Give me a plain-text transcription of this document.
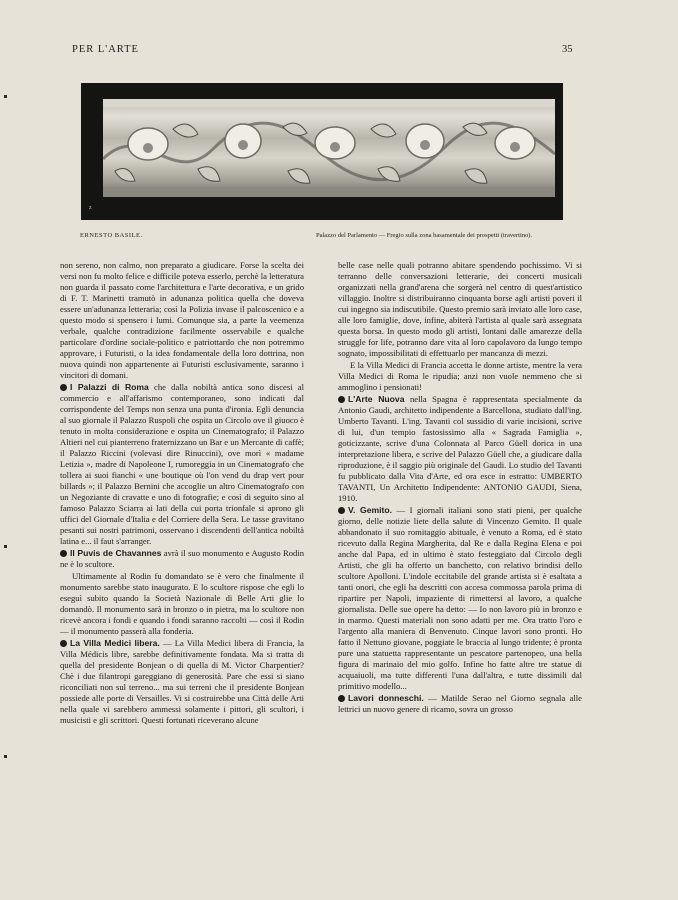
PER L'ARTE	35
z
ERNESTO BASILE.	Palazzo del Parlamento — Fregio sulla zona basamentale dei prospetti (travertino).

non sereno, non calmo, non preparato a giudicare. Forse la scelta dei versi non fu molto felice e difficile poteva esserlo, perchè la letteratura non guarda il passato come l'architettura e l'arte decorativa, e un grido di F. T. Marinetti tramutò in adunanza politica quella che doveva essere un'adunanza letteraria; così la Polizia invase il palcoscenico e a questo modo si spensero i lumi. Comunque sia, a parte la veemenza verbale, qualche contradizione facilmente osservabile e qualche particolare d'ordine sociale-politico e patriottardo che non potremmo approvare, i Futuristi, o la idea fondamentale della loro dottrina, non nuova quindi non appartenente ai Futuristi esclusivamente, saranno i vincitori di domani.

I Palazzi di Roma che dalla nobiltà antica sono discesi al commercio e all'affarismo contemporaneo, sono indicati dal corrispondente del Temps non senza una punta d'ironia. Egli denuncia al suo giornale il Palazzo Ruspoli che ospita un Circolo ove il giuoco è tenuto in molta considerazione e ospita un Cinematografo; il Palazzo Altieri nel cui pianterreno fraternizzano un Bar e un Mercante di caffè; il Palazzo Riccini (volevasi dire Rinuccini), ove morì « madame Letizia », madre di Napoleone I, rumoreggia in un Cinematografo che tollera ai suoi fianchi « une boutique où l'on vend du drap vert pour billards »; il Palazzo Bernini che accoglie un altro Cinematografo con un Negoziante di cravatte e uno di fotografie; e così di seguito sino al famoso Palazzo Sciarra ai lati della cui porta trionfale si aprono gli uffici del Giornale d'Italia e del Corriere della Sera. Le tasse gravitano pesanti sui nostri patrimoni, osservano i discendenti dell'antica nobiltà latina e... il faut s'arranger.

Il Puvis de Chavannes avrà il suo monumento e Augusto Rodin ne è lo scultore.

Ultimamente al Rodin fu domandato se è vero che finalmente il monumento sarebbe stato inaugurato. E lo scultore rispose che egli lo eseguì subito quando la Società Nazionale di Belle Arti glie lo domandò. Il monumento sarà in bronzo o in pietra, ma lo scultore non ricevè ancora i fondi e quando i fondi saranno raccolti — così il Rodin — il monumento passerà alla fonderia.

La Villa Medici libera. — La Villa Medici libera di Francia, la Villa Médicis libre, sarebbe definitivamente fondata. Ma si tratta di quella del presidente Bonjean o di quella di M. Victor Charpentier? Chè i due filantropi gareggiano di generosità. Pare che essi si siano riconciliati non sul terreno... ma sui terreni che il presidente Bonjean possiede alle porte di Versailles. Vi si costruirebbe una Città delle Arti nella quale vi sarebbero ammessi solamente i pittori, gli scultori, i musicisti e gli scrittori. Questi fortunati riceverano alcune

belle case nelle quali potranno abitare spendendo pochissimo. Vi si terranno delle conversazioni letterarie, dei concerti musicali organizzati nella grand'arena che sorgerà nel centro di quest'artistico villaggio. Inoltre si distribuiranno cinquanta borse agli artisti poveri il cui ingegno sia indiscutibile. Questo premio sarà inviato alle loro case, alle loro famiglie, dove, infine, abiterà l'artista al quale sarà assegnata questa borsa. In questo modo gli artisti, lontani dalle amarezze della struggle for life, potranno dare vita al loro capolavoro da lungo tempo sognato, impossibilitati di effettuarlo per mancanza di mezzi.

E la Villa Medici di Francia accetta le donne artiste, mentre la vera Villa Medici di Roma le ripudia; anzi non vuole nemmeno che si ammoglino i pensionati!

L'Arte Nuova nella Spagna è rappresentata specialmente da Antonio Gaudi, architetto indipendente a Barcellona, studiato dall'ing. Umberto Tavanti. L'ing. Tavanti col sussidio di varie incisioni, scrive di lui, d'un tempio fastosissimo alla « Sagrada Famiglia », goticizzante, scrive d'una Colonnata al Parco Güell dorica in una interpretazione libera, e scrive del Palazzo Güell che, a giudicare dalla riproduzione, è il saggio più originale del Gaudi. Lo studio del Tavanti fu pubblicato dalla Vita d'Arte, ed ora esce in estratto: UMBERTO TAVANTI, Un Architetto Indipendente: ANTONIO GAUDI, Siena, 1910.

V. Gemito. — I giornali italiani sono stati pieni, per qualche giorno, delle notizie liete della salute di Vincenzo Gemito. Il quale abbandonato il suo romitaggio abituale, è venuto a Roma, ed è stato ricevuto dalla Regina Margherita, dal Re e dalla Regina Elena e poi anche dal Papa, ed in ultimo è stato festeggiato dal Circolo degli Artisti, che gli ha offerto un banchetto, con relativo brindisi dello scultore Apolloni. L'indole eccitabile del grande artista si è esaltata a tanti onori, che egli ha descritti con accesa commossa parola prima di ripartire per Napoli, impaziente di rimettersi al lavoro, a qualche giornalista. Delle sue opere ha detto: — Io non lavoro più in bronzo e in marmo. Questi materiali non sono adatti per me. Ora tratto l'oro e l'argento alla maniera di Benvenuto. Cinque lavori sono pronti. Ho fatto il Nettuno giovane, poggiate le braccia al lungo tridente; è pronta pure una statuetta rappresentante un pescatore partenopeo, una bella figura di marinaio del mio golfo. Infine ho fatte altre tre statue di acquaiuoli, ma tutte differenti l'una dall'altra, e tutte dissimili dal primitivo modello...

Lavori donneschi. — Matilde Serao nel Giorno segnala alle lettrici un nuovo genere di ricamo, sovra un grosso
